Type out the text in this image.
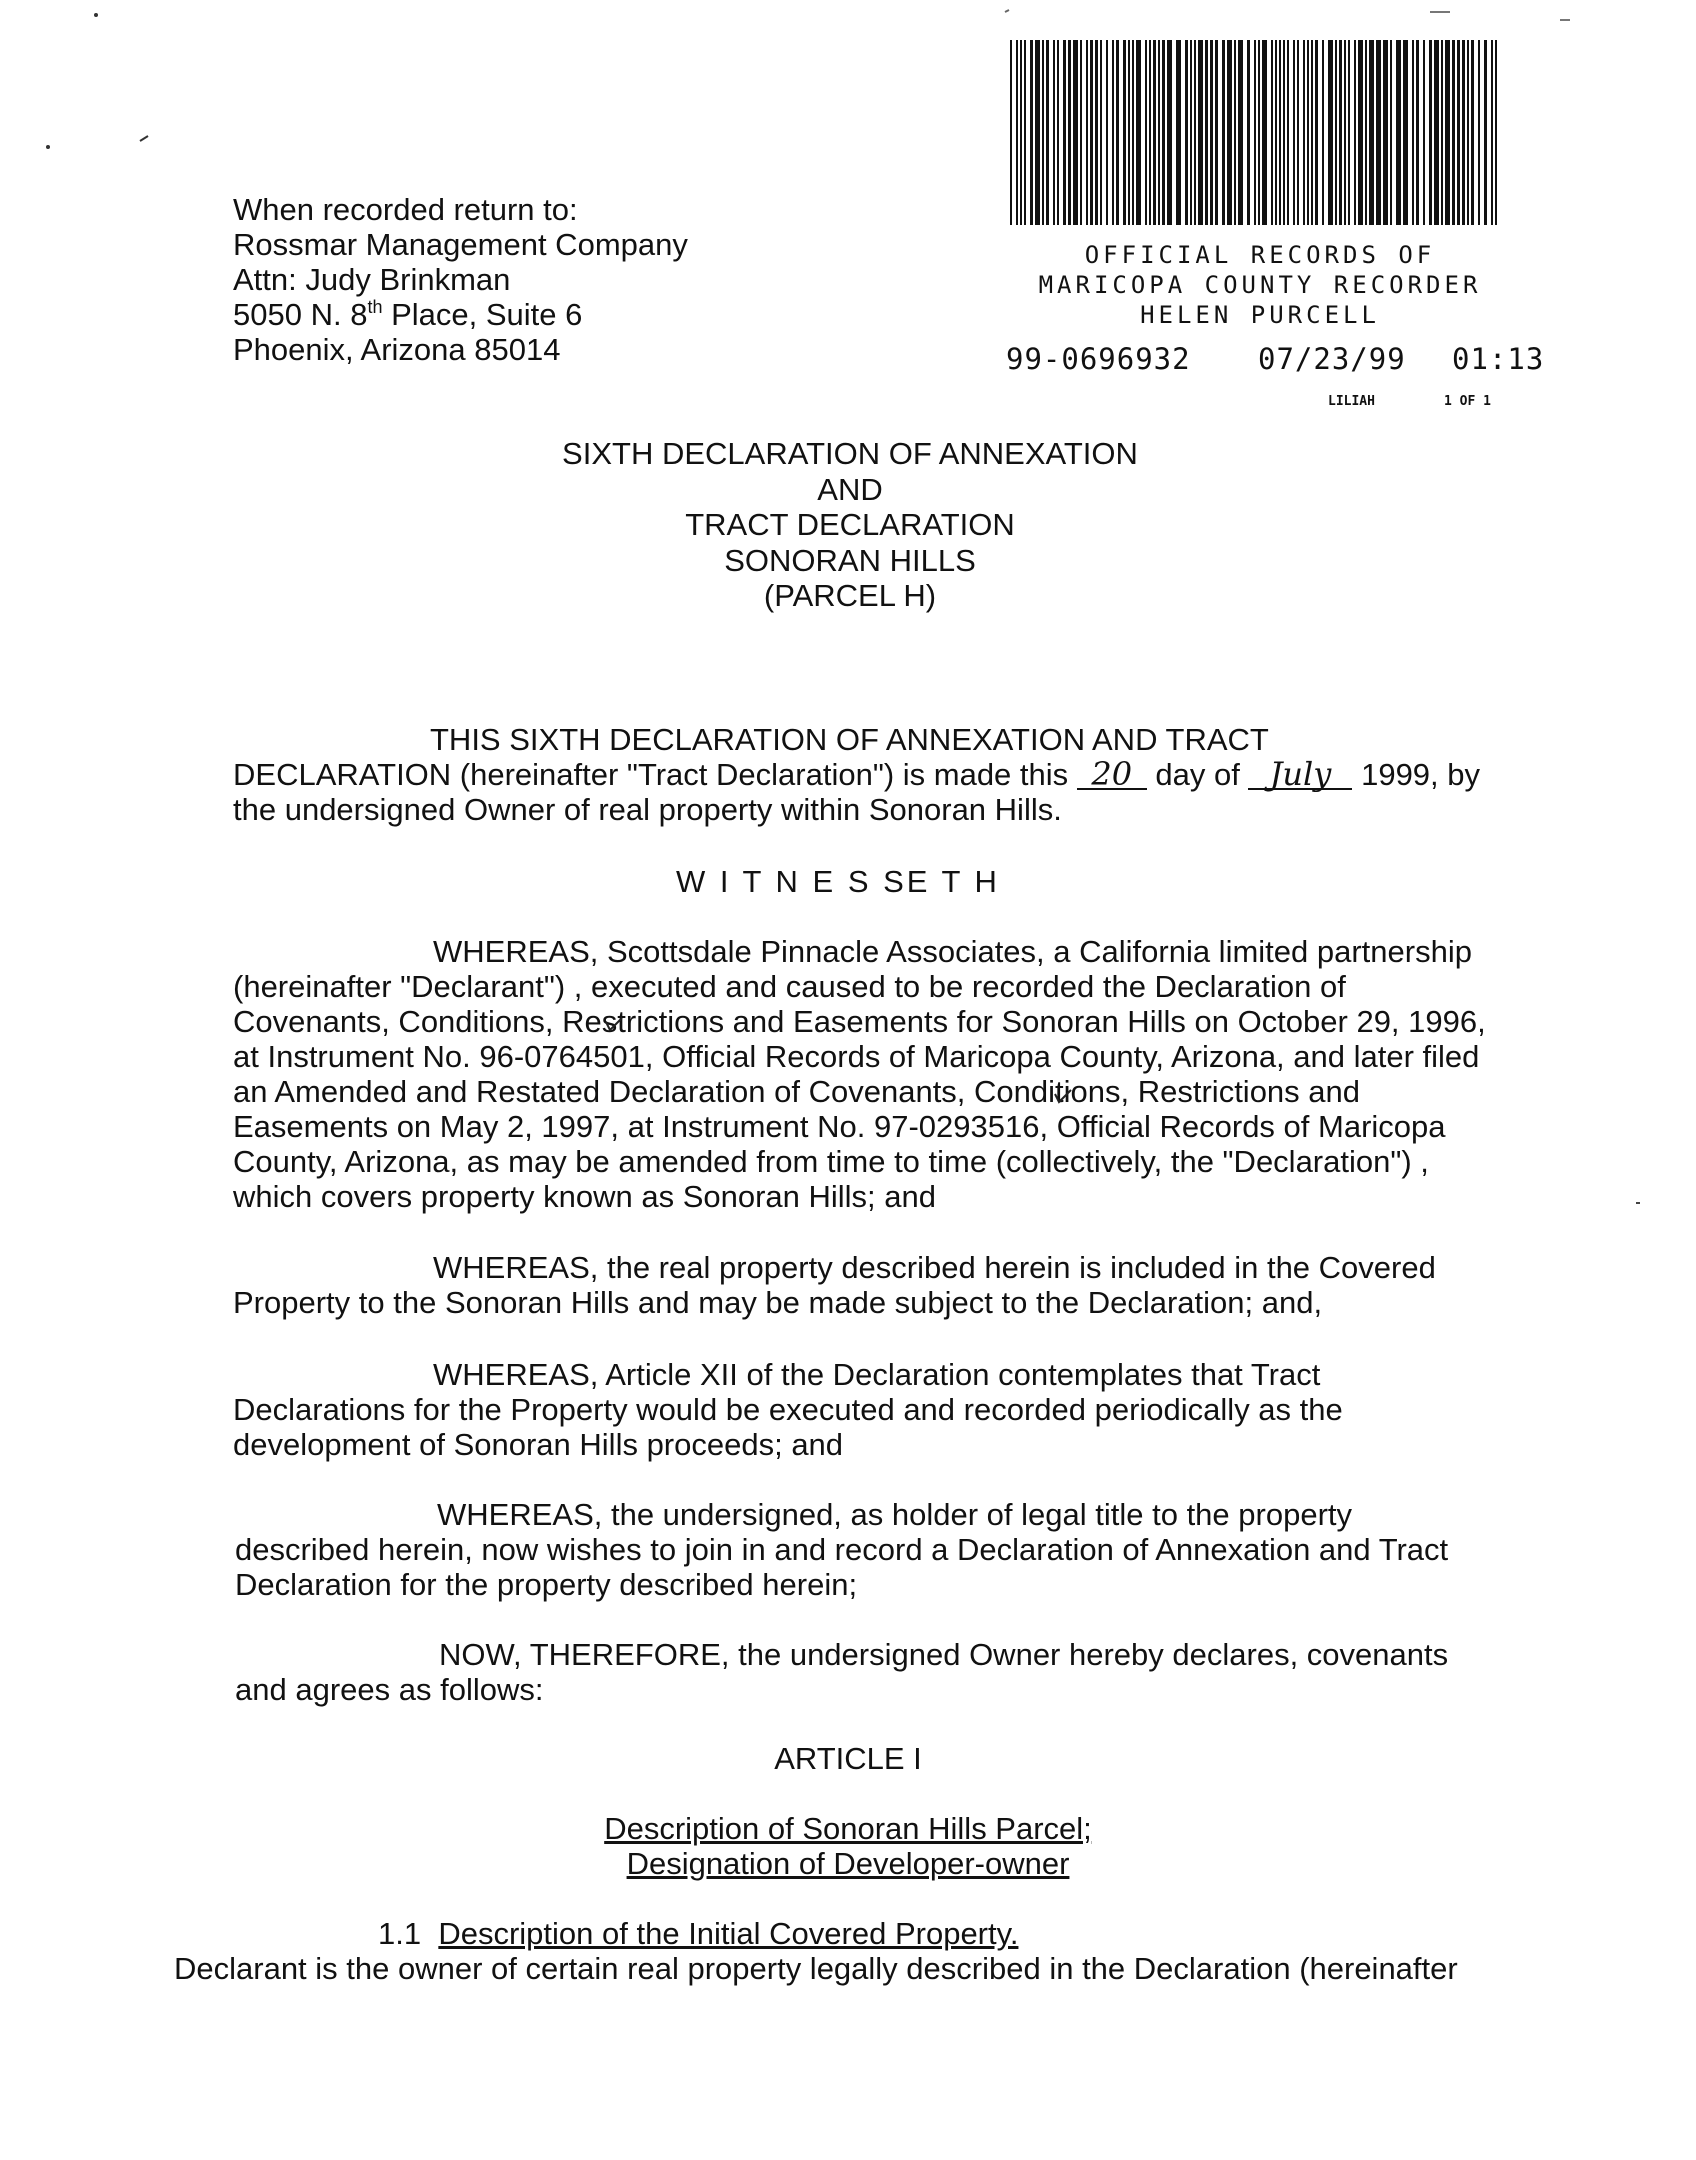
When recorded return to:
Rossmar Management Company
Attn: Judy Brinkman
5050 N. 8th Place, Suite 6
Phoenix, Arizona 85014
OFFICIAL RECORDS OF
MARICOPA COUNTY RECORDER
HELEN PURCELL
99-0696932 07/23/99 01:13
LILIAH	1 OF 1
SIXTH DECLARATION OF ANNEXATION
AND
TRACT DECLARATION
SONORAN HILLS
(PARCEL H)
THIS SIXTH DECLARATION OF ANNEXATION AND TRACT
DECLARATION (hereinafter "Tract Declaration") is made this 20 day of July 1999, by
the undersigned Owner of real property within Sonoran Hills.
W I T N E S SE T H
WHEREAS, Scottsdale Pinnacle Associates, a California limited partnership
(hereinafter "Declarant") , executed and caused to be recorded the Declaration of
Covenants, Conditions, Restrictions and Easements for Sonoran Hills on October 29, 1996,
at Instrument No. 96-0764501, Official Records of Maricopa County, Arizona, and later filed
an Amended and Restated Declaration of Covenants, Conditions, Restrictions and
Easements on May 2, 1997, at Instrument No. 97-0293516, Official Records of Maricopa
County, Arizona, as may be amended from time to time (collectively, the "Declaration") ,
which covers property known as Sonoran Hills; and
WHEREAS, the real property described herein is included in the Covered
Property to the Sonoran Hills and may be made subject to the Declaration; and,
WHEREAS, Article XII of the Declaration contemplates that Tract
Declarations for the Property would be executed and recorded periodically as the
development of Sonoran Hills proceeds; and
WHEREAS, the undersigned, as holder of legal title to the property
described herein, now wishes to join in and record a Declaration of Annexation and Tract
Declaration for the property described herein;
NOW, THEREFORE, the undersigned Owner hereby declares, covenants
and agrees as follows:
ARTICLE I
Description of Sonoran Hills Parcel;
Designation of Developer-owner
1.1 Description of the Initial Covered Property.
Declarant is the owner of certain real property legally described in the Declaration (hereinafter
